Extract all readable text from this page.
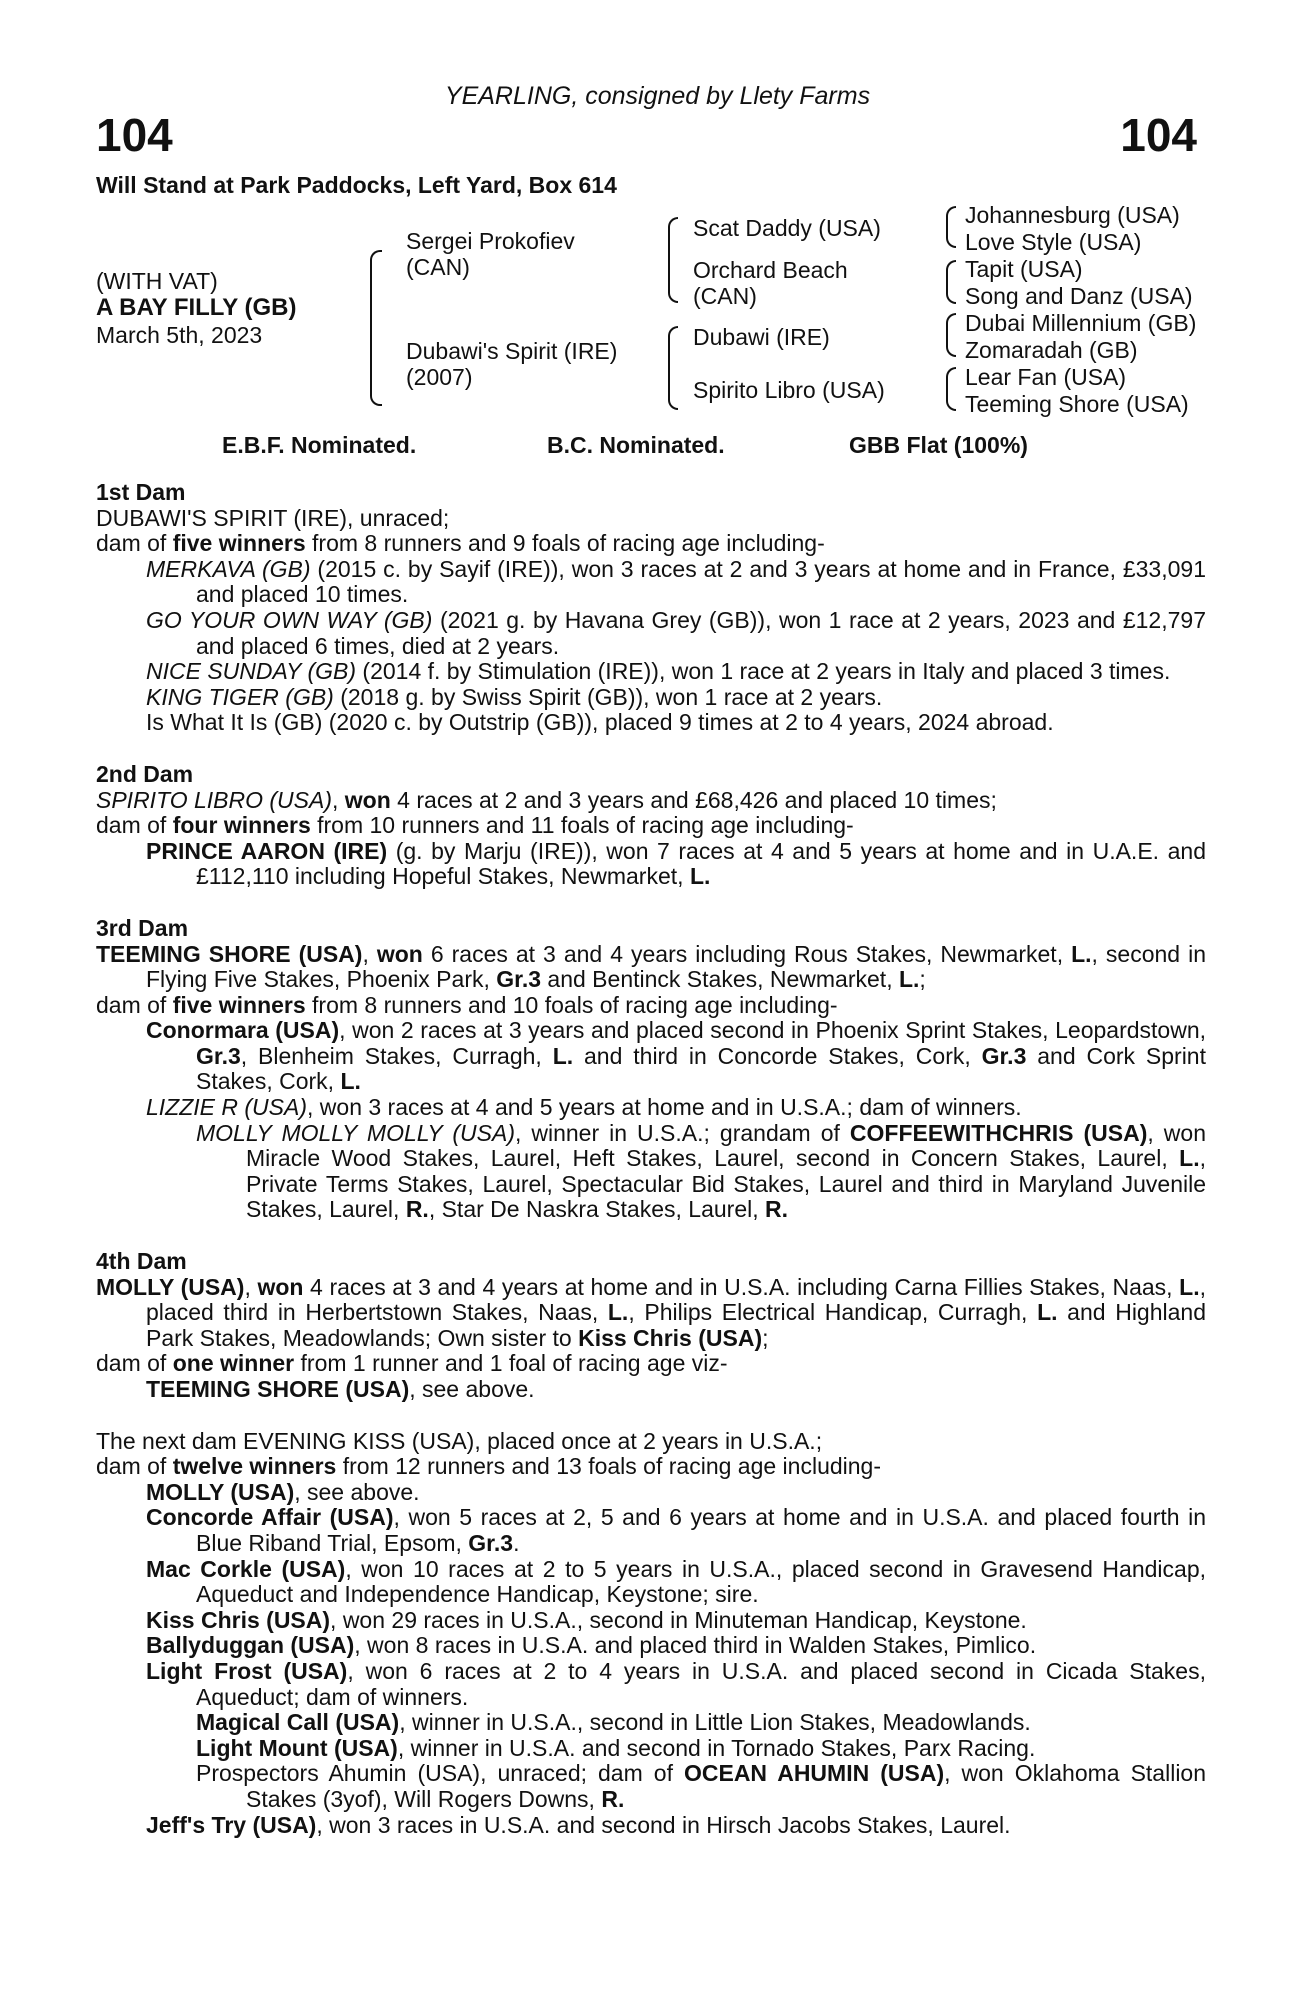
YEARLING, consigned by Llety Farms
104	104
Will Stand at Park Paddocks, Left Yard, Box 614
(WITH VAT)
A BAY FILLY (GB)
March 5th, 2023
Sergei Prokofiev (CAN)
Dubawi's Spirit (IRE) (2007)
Scat Daddy (USA)
Orchard Beach (CAN)
Dubawi (IRE)
Spirito Libro (USA)
Johannesburg (USA)
Love Style (USA)
Tapit (USA)
Song and Danz (USA)
Dubai Millennium (GB)
Zomaradah (GB)
Lear Fan (USA)
Teeming Shore (USA)
E.B.F. Nominated.	B.C. Nominated.	GBB Flat (100%)
1st Dam
DUBAWI'S SPIRIT (IRE), unraced;
dam of five winners from 8 runners and 9 foals of racing age including-
MERKAVA (GB) (2015 c. by Sayif (IRE)), won 3 races at 2 and 3 years at home and in France, £33,091 and placed 10 times.
GO YOUR OWN WAY (GB) (2021 g. by Havana Grey (GB)), won 1 race at 2 years, 2023 and £12,797 and placed 6 times, died at 2 years.
NICE SUNDAY (GB) (2014 f. by Stimulation (IRE)), won 1 race at 2 years in Italy and placed 3 times.
KING TIGER (GB) (2018 g. by Swiss Spirit (GB)), won 1 race at 2 years.
Is What It Is (GB) (2020 c. by Outstrip (GB)), placed 9 times at 2 to 4 years, 2024 abroad.
2nd Dam
SPIRITO LIBRO (USA), won 4 races at 2 and 3 years and £68,426 and placed 10 times;
dam of four winners from 10 runners and 11 foals of racing age including-
PRINCE AARON (IRE) (g. by Marju (IRE)), won 7 races at 4 and 5 years at home and in U.A.E. and £112,110 including Hopeful Stakes, Newmarket, L.
3rd Dam
TEEMING SHORE (USA), won 6 races at 3 and 4 years including Rous Stakes, Newmarket, L., second in Flying Five Stakes, Phoenix Park, Gr.3 and Bentinck Stakes, Newmarket, L.;
dam of five winners from 8 runners and 10 foals of racing age including-
Conormara (USA), won 2 races at 3 years and placed second in Phoenix Sprint Stakes, Leopardstown, Gr.3, Blenheim Stakes, Curragh, L. and third in Concorde Stakes, Cork, Gr.3 and Cork Sprint Stakes, Cork, L.
LIZZIE R (USA), won 3 races at 4 and 5 years at home and in U.S.A.; dam of winners.
MOLLY MOLLY MOLLY (USA), winner in U.S.A.; grandam of COFFEEWITHCHRIS (USA), won Miracle Wood Stakes, Laurel, Heft Stakes, Laurel, second in Concern Stakes, Laurel, L., Private Terms Stakes, Laurel, Spectacular Bid Stakes, Laurel and third in Maryland Juvenile Stakes, Laurel, R., Star De Naskra Stakes, Laurel, R.
4th Dam
MOLLY (USA), won 4 races at 3 and 4 years at home and in U.S.A. including Carna Fillies Stakes, Naas, L., placed third in Herbertstown Stakes, Naas, L., Philips Electrical Handicap, Curragh, L. and Highland Park Stakes, Meadowlands; Own sister to Kiss Chris (USA);
dam of one winner from 1 runner and 1 foal of racing age viz-
TEEMING SHORE (USA), see above.
The next dam EVENING KISS (USA), placed once at 2 years in U.S.A.;
dam of twelve winners from 12 runners and 13 foals of racing age including-
MOLLY (USA), see above.
Concorde Affair (USA), won 5 races at 2, 5 and 6 years at home and in U.S.A. and placed fourth in Blue Riband Trial, Epsom, Gr.3.
Mac Corkle (USA), won 10 races at 2 to 5 years in U.S.A., placed second in Gravesend Handicap, Aqueduct and Independence Handicap, Keystone; sire.
Kiss Chris (USA), won 29 races in U.S.A., second in Minuteman Handicap, Keystone.
Ballyduggan (USA), won 8 races in U.S.A. and placed third in Walden Stakes, Pimlico.
Light Frost (USA), won 6 races at 2 to 4 years in U.S.A. and placed second in Cicada Stakes, Aqueduct; dam of winners.
Magical Call (USA), winner in U.S.A., second in Little Lion Stakes, Meadowlands.
Light Mount (USA), winner in U.S.A. and second in Tornado Stakes, Parx Racing.
Prospectors Ahumin (USA), unraced; dam of OCEAN AHUMIN (USA), won Oklahoma Stallion Stakes (3yof), Will Rogers Downs, R.
Jeff's Try (USA), won 3 races in U.S.A. and second in Hirsch Jacobs Stakes, Laurel.
